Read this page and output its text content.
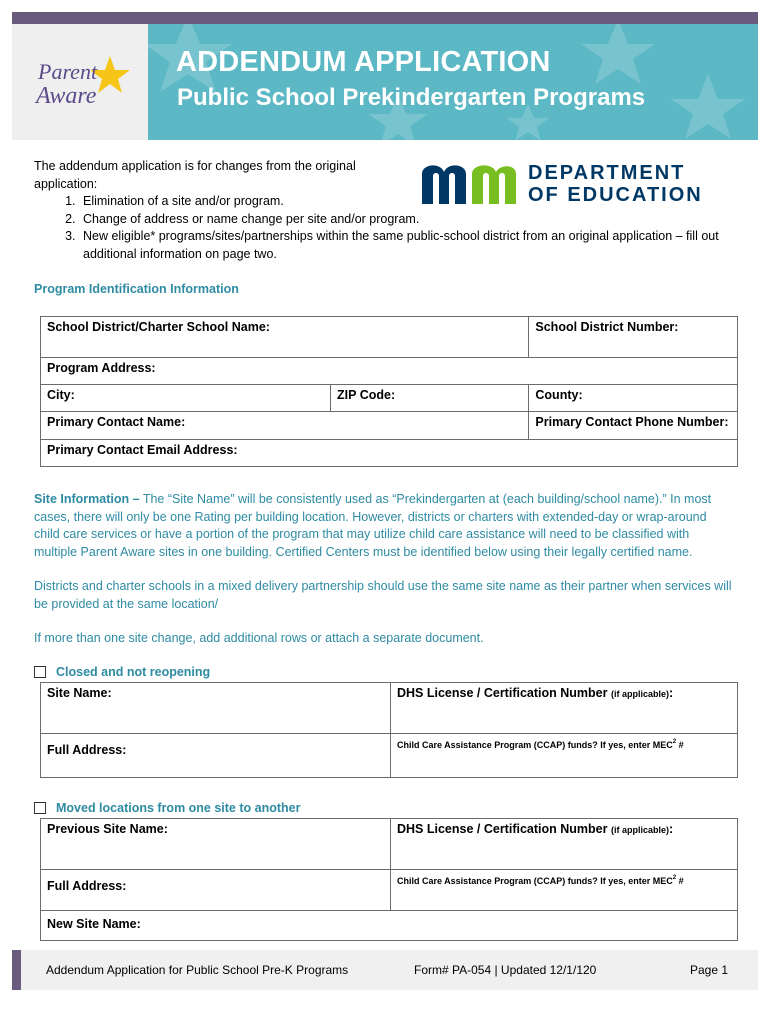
Parent
Aware
ADDENDUM APPLICATION
Public School Prekindergarten Programs
DEPARTMENT
OF EDUCATION

The addendum application is for changes from the original application:

1. Elimination of a site and/or program.
2. Change of address or name change per site and/or program.
3. New eligible* programs/sites/partnerships within the same public-school district from an original application – fill out additional information on page two.
Program Identification Information
School District/Charter School Name:		School District Number:
Program Address:		
City:	ZIP Code:	County:
Primary Contact Name:		Primary Contact Phone Number:
Primary Contact Email Address:		
Site Information – The “Site Name” will be consistently used as “Prekindergarten at (each building/school name).” In most cases, there will only be one Rating per building location. However, districts or charters with extended-day or wrap-around child care services or have a portion of the program that may utilize child care assistance will need to be classified with multiple Parent Aware sites in one building. Certified Centers must be identified below using their legally certified name.
Districts and charter schools in a mixed delivery partnership should use the same site name as their partner when services will be provided at the same location/
If more than one site change, add additional rows or attach a separate document.
Closed and not reopening
Site Name:	DHS License / Certification Number (if applicable):
Full Address:	Child Care Assistance Program (CCAP) funds? If yes, enter MEC$^2$ #
Moved locations from one site to another
Previous Site Name:	DHS License / Certification Number (if applicable):
Full Address:	Child Care Assistance Program (CCAP) funds? If yes, enter MEC$^2$ #
New Site Name:	
Addendum Application for Public School Pre-K Programs	Form# PA-054 | Updated 12/1/120	Page 1
